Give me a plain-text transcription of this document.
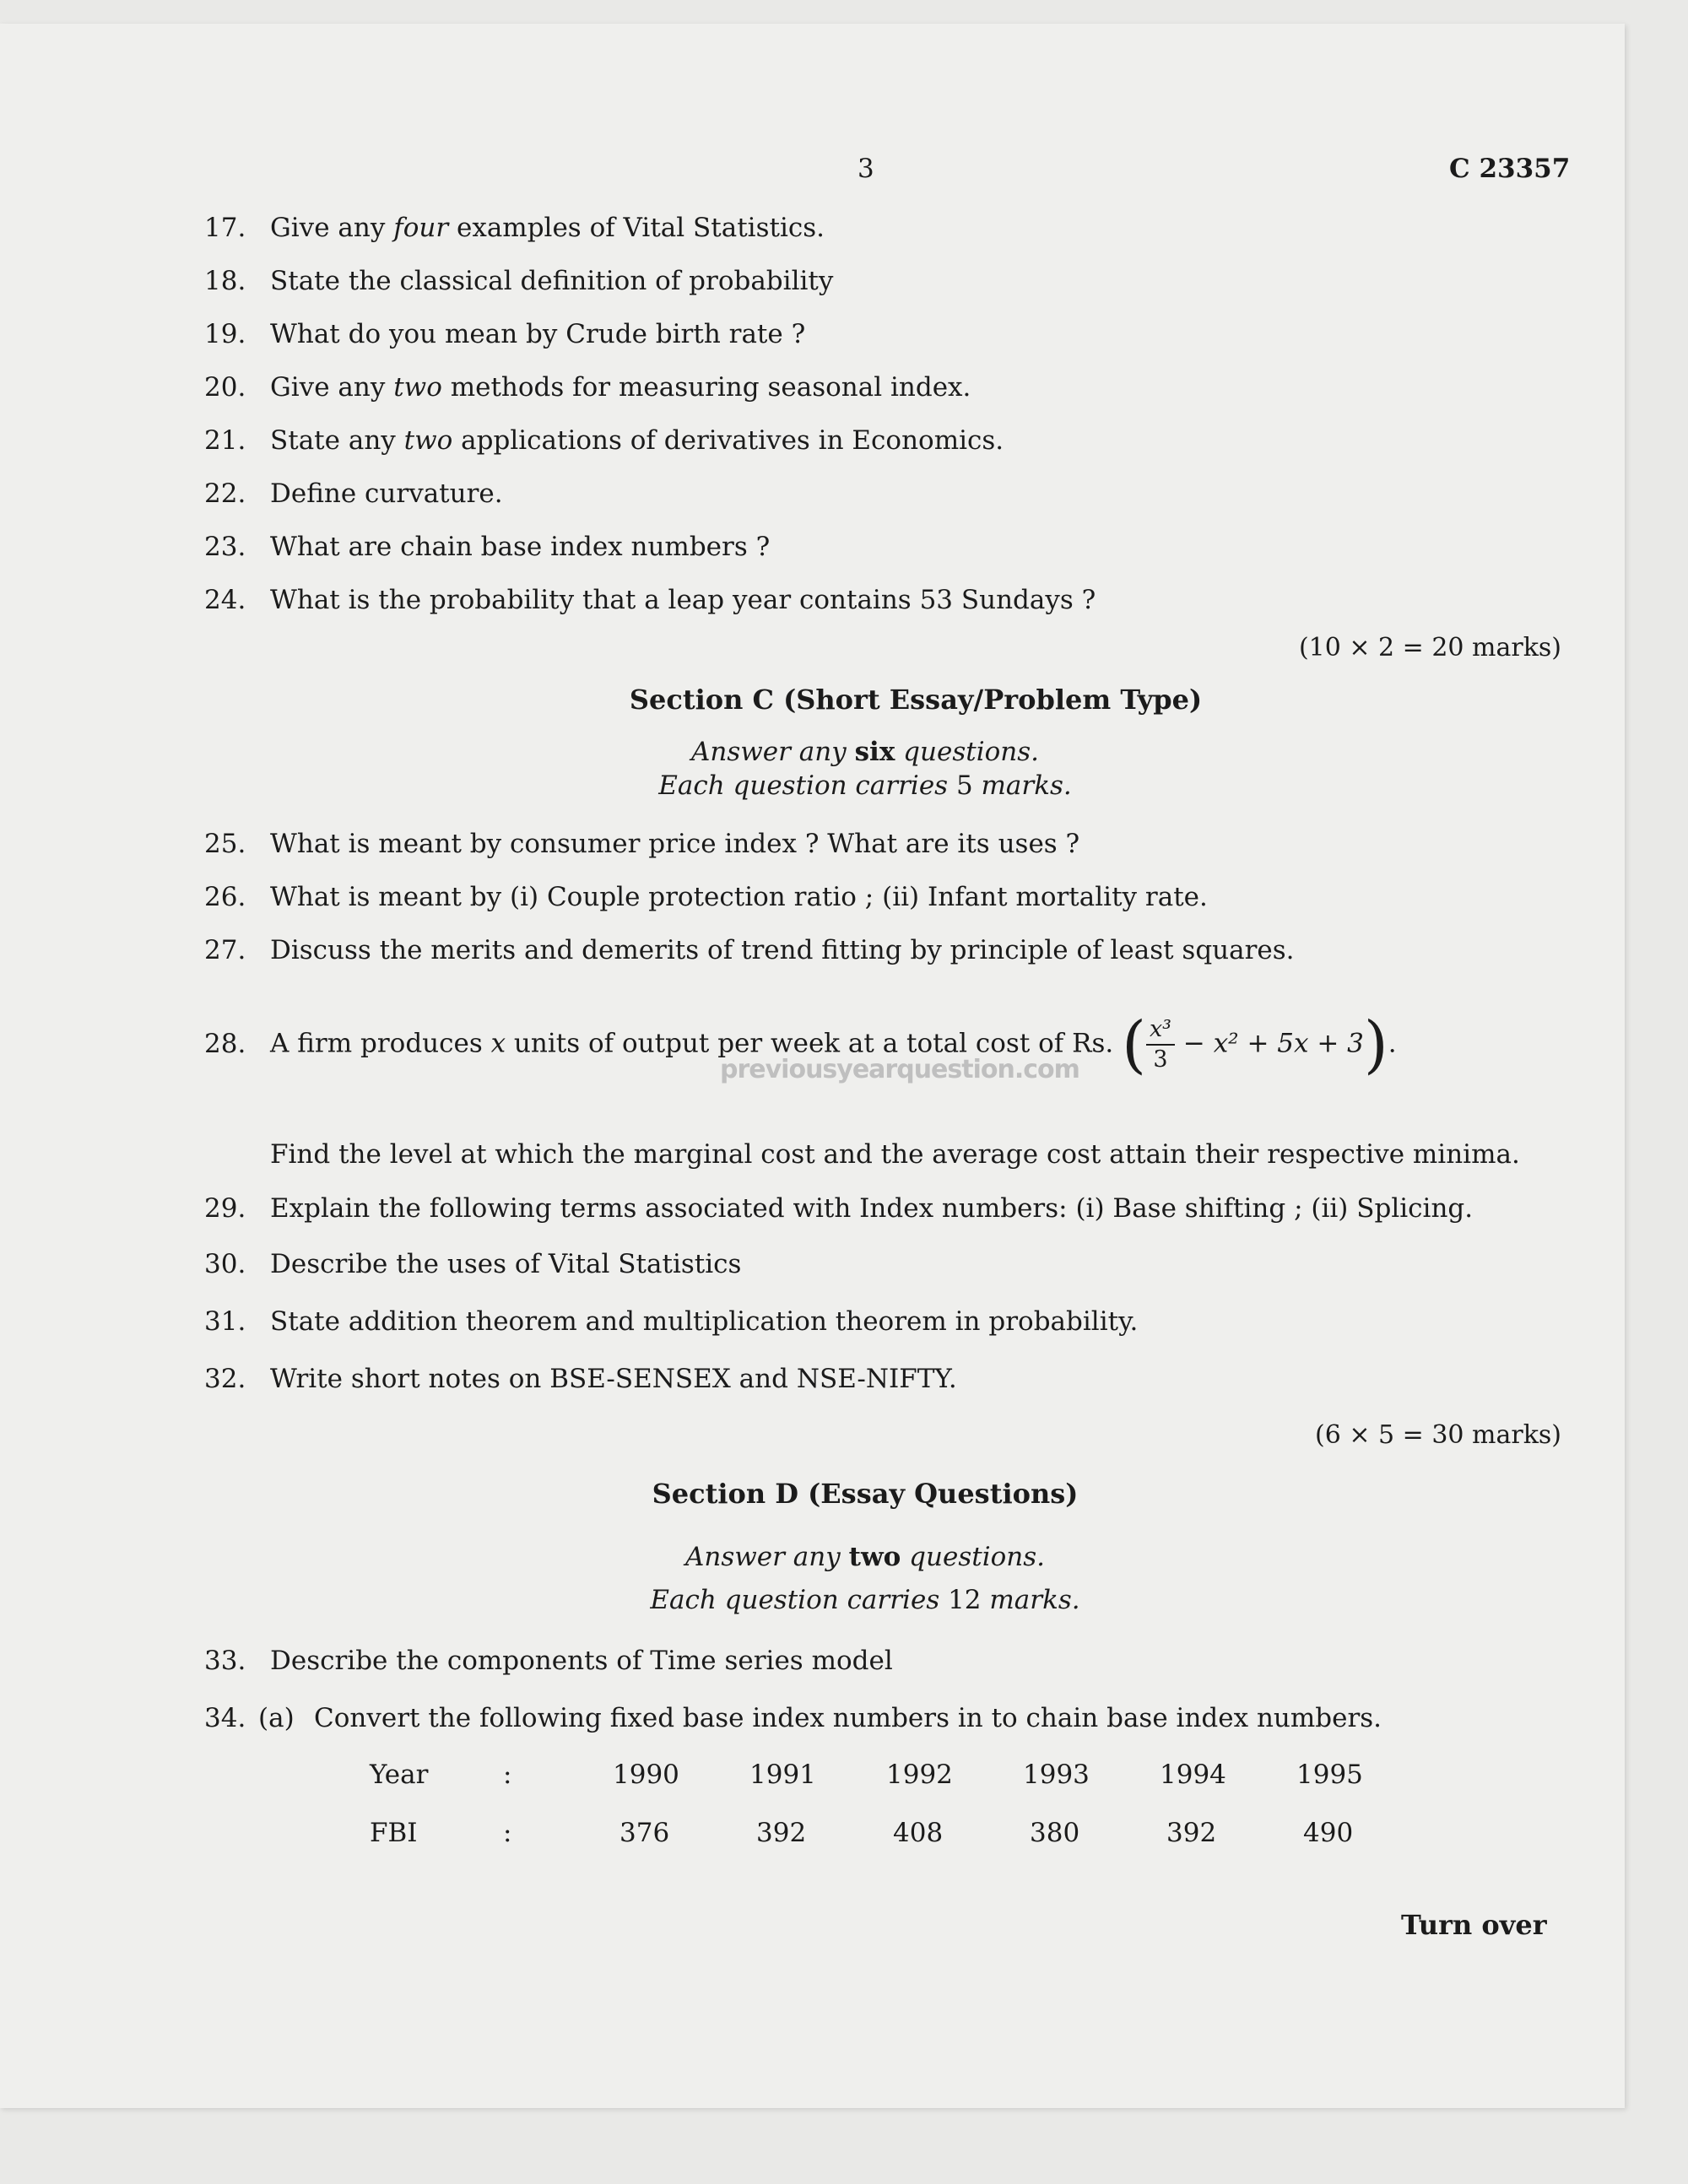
3	C 23357
17. Give any four examples of Vital Statistics.
18. State the classical definition of probability
19. What do you mean by Crude birth rate ?
20. Give any two methods for measuring seasonal index.
21. State any two applications of derivatives in Economics.
22. Define curvature.
23. What are chain base index numbers ?
24. What is the probability that a leap year contains 53 Sundays ?
(10 × 2 = 20 marks)
Section C (Short Essay/Problem Type)
Answer any six questions.
Each question carries 5 marks.
25. What is meant by consumer price index ? What are its uses ?
26. What is meant by (i) Couple protection ratio ; (ii) Infant mortality rate.
27. Discuss the merits and demerits of trend fitting by principle of least squares.
28. A firm produces x units of output per week at a total cost of Rs. ( $\frac{\text{x³}}{3} - x^2 + 5x + 3$).
previousyearquestion.com
Find the level at which the marginal cost and the average cost attain their respective minima.
29. Explain the following terms associated with Index numbers: (i) Base shifting ; (ii) Splicing.
30. Describe the uses of Vital Statistics
31. State addition theorem and multiplication theorem in probability.
32. Write short notes on BSE-SENSEX and NSE-NIFTY.
(6 × 5 = 30 marks)
Section D (Essay Questions)
Answer any two questions.
Each question carries 12 marks.
33. Describe the components of Time series model
34. (a) Convert the following fixed base index numbers in to chain base index numbers.
Year	:	1990	1991	1992	1993	1994	1995
FBI	:	376	392	408	380	392	490
Turn over
